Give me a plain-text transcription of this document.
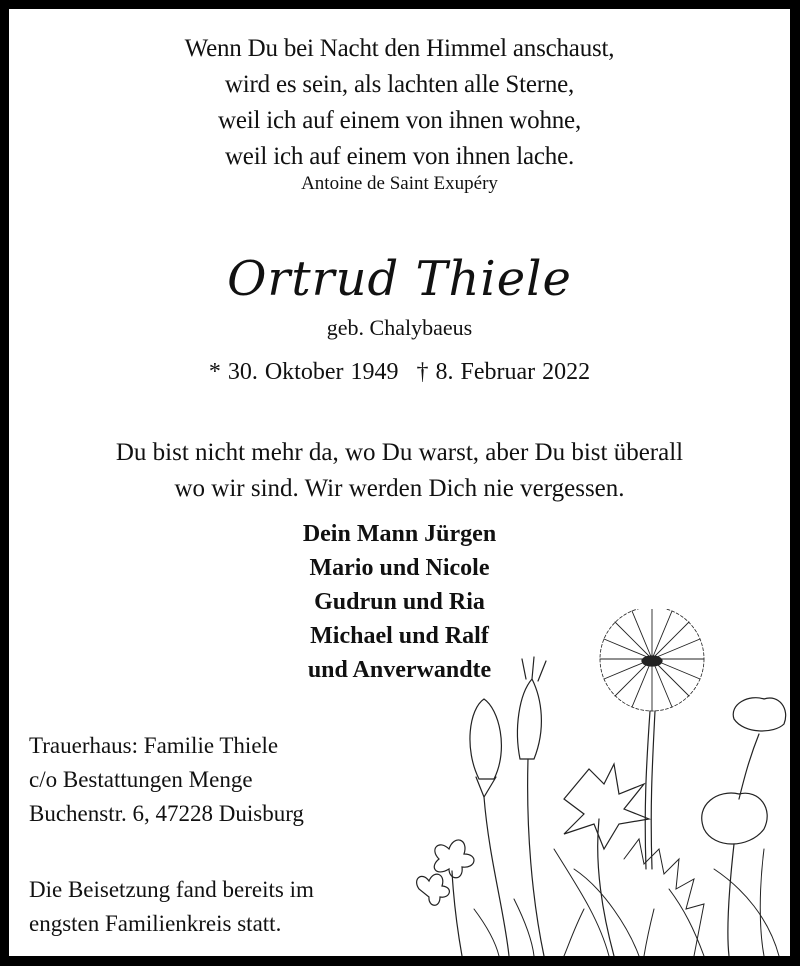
Wenn Du bei Nacht den Himmel anschaust,
wird es sein, als lachten alle Sterne,
weil ich auf einem von ihnen wohne,
weil ich auf einem von ihnen lache.
Antoine de Saint Exupéry
Ortrud Thiele
geb. Chalybaeus
* 30. Oktober 1949 † 8. Februar 2022
Du bist nicht mehr da, wo Du warst, aber Du bist überall
wo wir sind. Wir werden Dich nie vergessen.
Dein Mann Jürgen
Mario und Nicole
Gudrun und Ria
Michael und Ralf
und Anverwandte
Trauerhaus: Familie Thiele
c/o Bestattungen Menge
Buchenstr. 6, 47228 Duisburg
Die Beisetzung fand bereits im
engsten Familienkreis statt.
